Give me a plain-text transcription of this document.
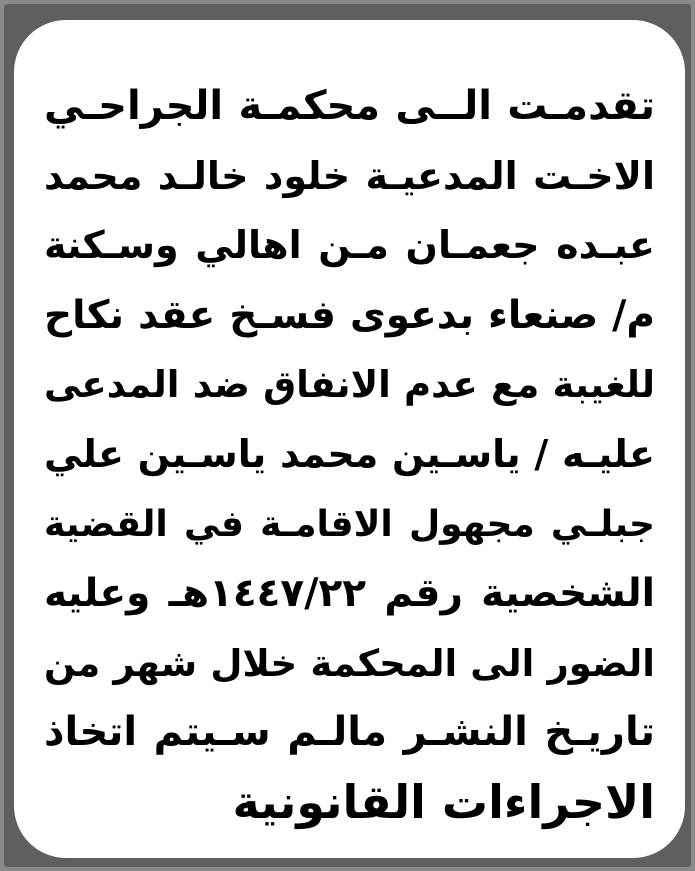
تقدمـت الــى محكمـة الجراحـي
الاخـت المدعيـة خلود خالـد محمد
عبـده جعمـان مـن اهالي وسـكنة
م/ صنعاء بدعوى فسـخ عقد نكاح
للغيبة مع عدم الانفاق ضد المدعى
عليـه / ياسـين محمد ياسـين علي
جبلـي مجهول الاقامـة في القضية
الشخصية رقم ١٤٤٧/٢٢هـ وعليه
الضور الى المحكمة خلال شهر من
تاريـخ النشـر مالـم سـيتم اتخاذ
الاجراءات القانونية
